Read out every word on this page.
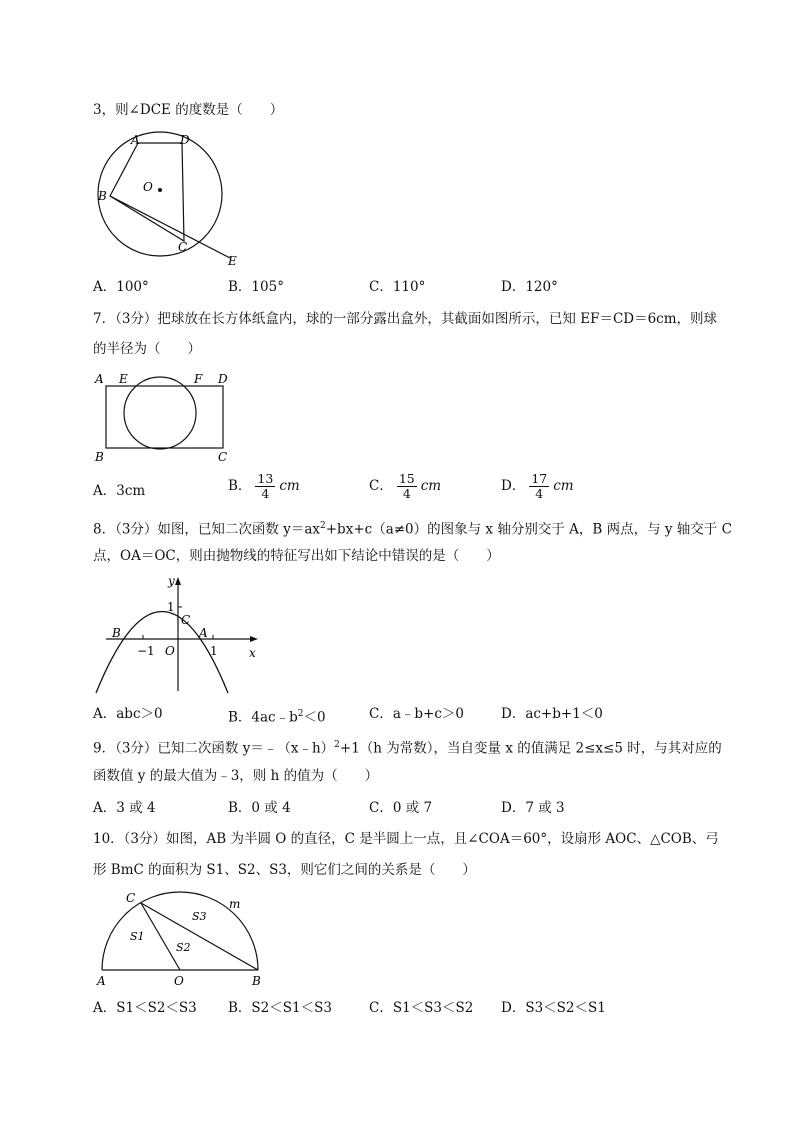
3，则∠DCE 的度数是（　　）
A	D
O
B
C
E
A．100°	B．105°	C．110°	D．120°
7．（3分）把球放在长方体纸盒内，球的一部分露出盒外，其截面如图所示，已知 EF＝CD＝6cm，则球
的半径为（　　）
A E	F D
B	C
A．3cm	B． $\frac{13}{4}$ cm	C． $\frac{15}{4}$ cm	D． $\frac{17}{4}$ cm
8．（3分）如图，已知二次函数 $y=ax^2+bx+c(a\ne 0)$的图象与 x 轴分别交于 A，B 两点，与 y 轴交于 C
点，OA＝OC，则由抛物线的特征写出如下结论中错误的是（　　）
y
1
C
B	A
−1 O	1	x
A．abc＞0	B．$4ac﹣b^2<0$	C．a﹣b+c＞0	D．ac+b+1＜0
9．（3分）已知二次函数 y＝﹣（x﹣h）$^2$+1（h 为常数），当自变量 x 的值满足 2≤x≤5 时，与其对应的
函数值 y 的最大值为﹣3，则 h 的值为（　　）
A．3 或 4	B．0 或 4	C．0 或 7	D．7 或 3
10．（3分）如图，AB 为半圆 O 的直径，C 是半圆上一点，且∠COA＝60°，设扇形 AOC、△COB、弓
形 BmC 的面积为 S1、S2、S3，则它们之间的关系是（　　）
C	m
S3
S1
S2
A	O	B
A．S1＜S2＜S3 B．S2＜S1＜S3	C．S1＜S3＜S2 D．S3＜S2＜S1
